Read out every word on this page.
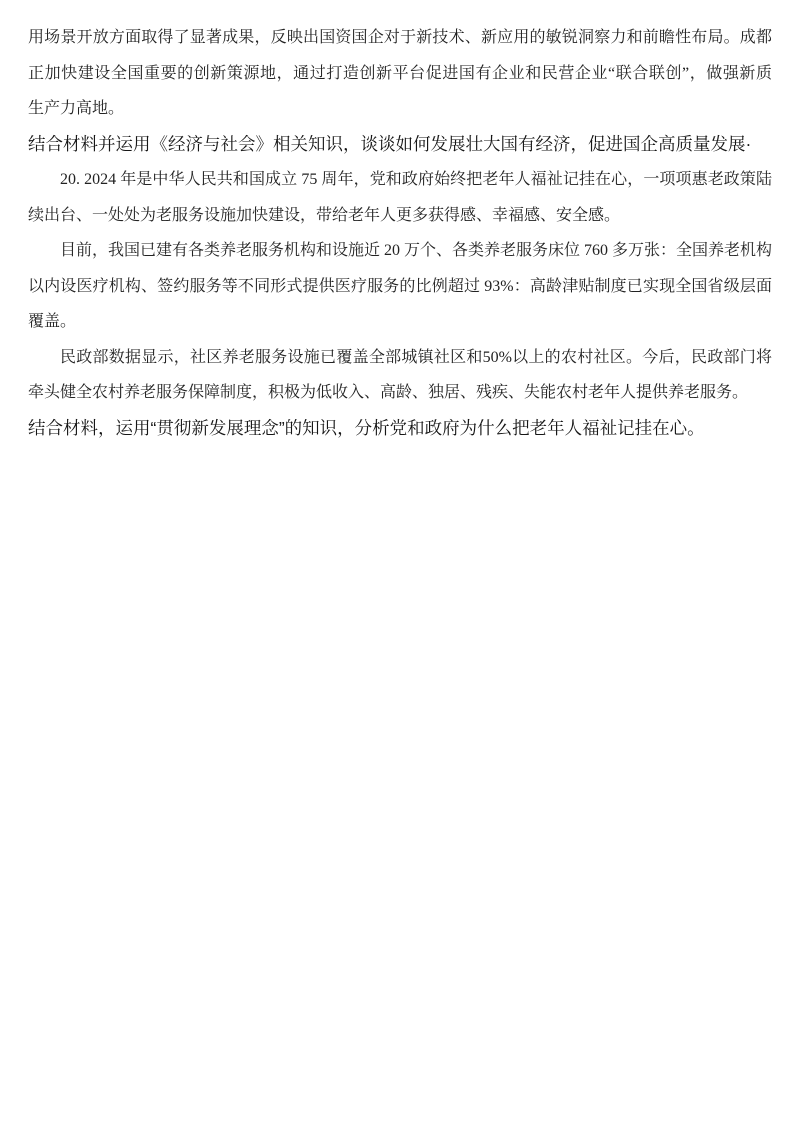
用场景开放方面取得了显著成果，反映出国资国企对于新技术、新应用的敏锐洞察力和前瞻性布局。成都
正加快建设全国重要的创新策源地，通过打造创新平台促进国有企业和民营企业“联合联创”，做强新质
生产力高地。
结合材料并运用《经济与社会》相关知识，谈谈如何发展壮大国有经济，促进国企高质量发展·
20. 2024 年是中华人民共和国成立 75 周年，党和政府始终把老年人福祉记挂在心，一项项惠老政策陆
续出台、一处处为老服务设施加快建设，带给老年人更多获得感、幸福感、安全感。
目前，我国已建有各类养老服务机构和设施近 20 万个、各类养老服务床位 760 多万张：全国养老机构
以内设医疗机构、签约服务等不同形式提供医疗服务的比例超过 93%：高龄津贴制度已实现全国省级层面
覆盖。
民政部数据显示，社区养老服务设施已覆盖全部城镇社区和50%以上的农村社区。今后，民政部门将
牵头健全农村养老服务保障制度，积极为低收入、高龄、独居、残疾、失能农村老年人提供养老服务。
结合材料，运用“贯彻新发展理念”的知识，分析党和政府为什么把老年人福祉记挂在心。
